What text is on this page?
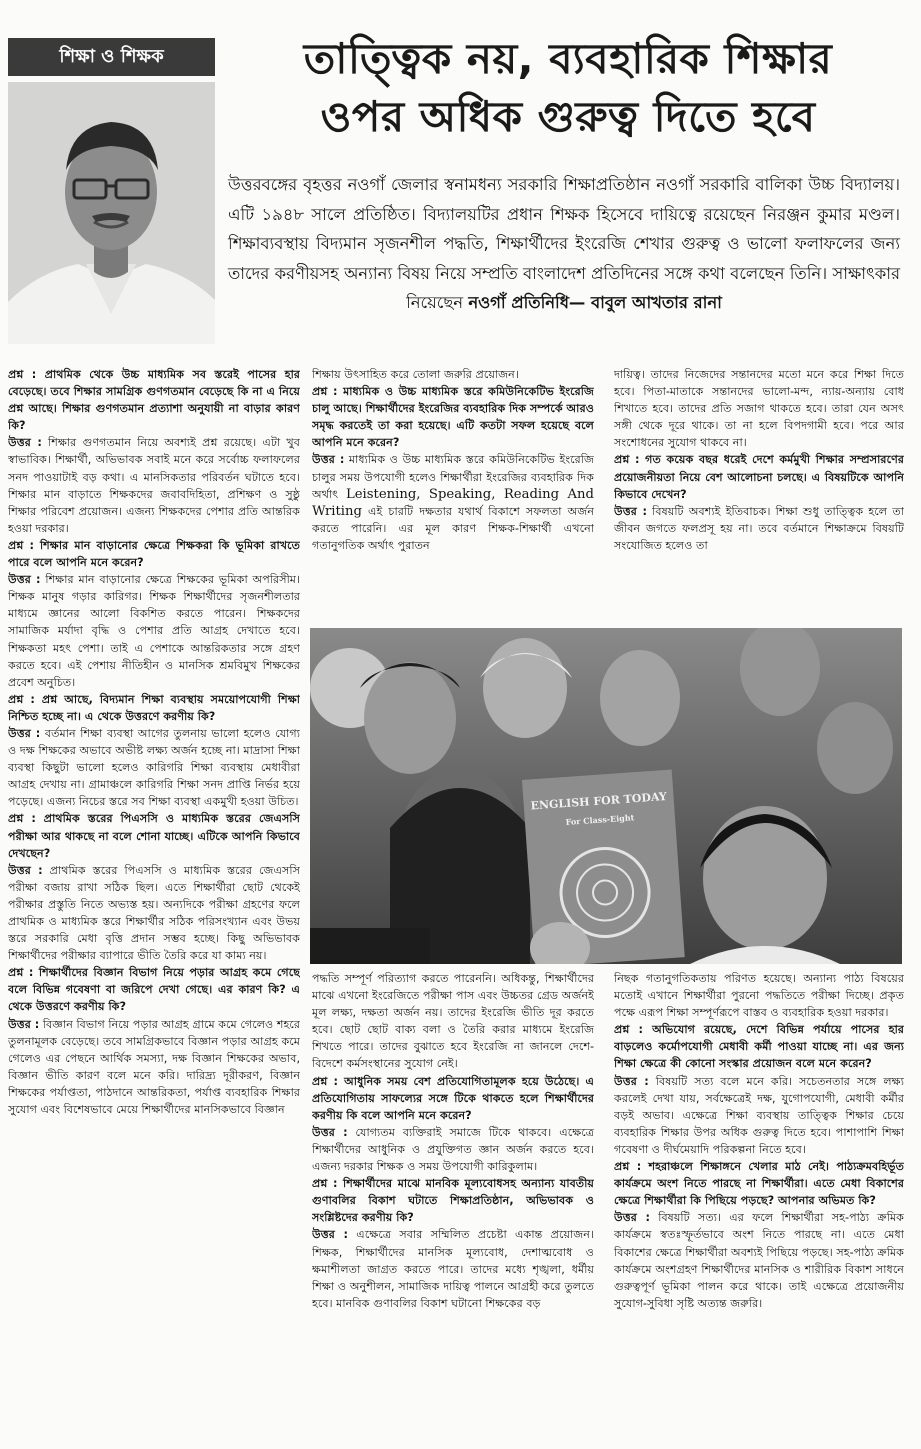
শিক্ষা ও শিক্ষক	তাত্ত্বিক নয়, ব্যবহারিক শিক্ষার
ওপর অধিক গুরুত্ব দিতে হবে

উত্তরবঙ্গের বৃহত্তর নওগাঁ জেলার স্বনামধন্য সরকারি শিক্ষাপ্রতিষ্ঠান নওগাঁ সরকারি বালিকা উচ্চ বিদ্যালয়। এটি ১৯৪৮ সালে প্রতিষ্ঠিত। বিদ্যালয়টির প্রধান শিক্ষক হিসেবে দায়িত্বে রয়েছেন নিরঞ্জন কুমার মণ্ডল। শিক্ষাব্যবস্থায় বিদ্যমান সৃজনশীল পদ্ধতি, শিক্ষার্থীদের ইংরেজি শেখার গুরুত্ব ও ভালো ফলাফলের জন্য তাদের করণীয়সহ অন্যান্য বিষয় নিয়ে সম্প্রতি বাংলাদেশ প্রতিদিনের সঙ্গে কথা বলেছেন তিনি। সাক্ষাৎকার নিয়েছেন নওগাঁ প্রতিনিধি— বাবুল আখতার রানা

প্রশ্ন : প্রাথমিক থেকে উচ্চ মাধ্যমিক সব স্তরেই পাসের হার বেড়েছে। তবে শিক্ষার সামগ্রিক গুণগতমান বেড়েছে কি না এ নিয়ে প্রশ্ন আছে। শিক্ষার গুণগতমান প্রত্যাশা অনুযায়ী না বাড়ার কারণ কি?

উত্তর : শিক্ষার গুণগতমান নিয়ে অবশ্যই প্রশ্ন রয়েছে। এটা খুব স্বাভাবিক। শিক্ষার্থী, অভিভাবক সবাই মনে করে সর্বোচ্চ ফলাফলের সনদ পাওয়াটাই বড় কথা। এ মানসিকতার পরিবর্তন ঘটাতে হবে। শিক্ষার মান বাড়াতে শিক্ষকদের জবাবদিহিতা, প্রশিক্ষণ ও সুষ্ঠু শিক্ষার পরিবেশ প্রয়োজন। এজন্য শিক্ষকদের পেশার প্রতি আন্তরিক হওয়া দরকার।

প্রশ্ন : শিক্ষার মান বাড়ানোর ক্ষেত্রে শিক্ষকরা কি ভূমিকা রাখতে পারে বলে আপনি মনে করেন?

উত্তর : শিক্ষার মান বাড়ানোর ক্ষেত্রে শিক্ষকের ভূমিকা অপরিসীম। শিক্ষক মানুষ গড়ার কারিগর। শিক্ষক শিক্ষার্থীদের সৃজনশীলতার মাধ্যমে জ্ঞানের আলো বিকশিত করতে পারেন। শিক্ষকদের সামাজিক মর্যাদা বৃদ্ধি ও পেশার প্রতি আগ্রহ দেখাতে হবে। শিক্ষকতা মহৎ পেশা। তাই এ পেশাকে আন্তরিকতার সঙ্গে গ্রহণ করতে হবে। এই পেশায় নীতিহীন ও মানসিক শ্রমবিমুখ শিক্ষকের প্রবেশ অনুচিত।

প্রশ্ন : প্রশ্ন আছে, বিদ্যমান শিক্ষা ব্যবস্থায় সময়োপযোগী শিক্ষা নিশ্চিত হচ্ছে না। এ থেকে উত্তরণে করণীয় কি?

উত্তর : বর্তমান শিক্ষা ব্যবস্থা আগের তুলনায় ভালো হলেও যোগ্য ও দক্ষ শিক্ষকের অভাবে অভীষ্ট লক্ষ্য অর্জন হচ্ছে না। মাদ্রাসা শিক্ষা ব্যবস্থা কিছুটা ভালো হলেও কারিগরি শিক্ষা ব্যবস্থায় মেধাবীরা আগ্রহ দেখায় না। গ্রামাঞ্চলে কারিগরি শিক্ষা সনদ প্রাপ্তি নির্ভর হয়ে পড়েছে। এজন্য নিচের স্তরে সব শিক্ষা ব্যবস্থা একমুখী হওয়া উচিত।

প্রশ্ন : প্রাথমিক স্তরের পিএসসি ও মাধ্যমিক স্তরের জেএসসি পরীক্ষা আর থাকছে না বলে শোনা যাচ্ছে। এটিকে আপনি কিভাবে দেখছেন?

উত্তর : প্রাথমিক স্তরের পিএসসি ও মাধ্যমিক স্তরের জেএসসি পরীক্ষা বজায় রাখা সঠিক ছিল। এতে শিক্ষার্থীরা ছোট থেকেই পরীক্ষার প্রস্তুতি নিতে অভ্যস্ত হয়। অন্যদিকে পরীক্ষা গ্রহণের ফলে প্রাথমিক ও মাধ্যমিক স্তরে শিক্ষার্থীর সঠিক পরিসংখ্যান এবং উভয় স্তরে সরকারি মেধা বৃত্তি প্রদান সম্ভব হচ্ছে। কিছু অভিভাবক শিক্ষার্থীদের পরীক্ষার ব্যাপারে ভীতি তৈরি করে যা কাম্য নয়।

প্রশ্ন : শিক্ষার্থীদের বিজ্ঞান বিভাগ নিয়ে পড়ার আগ্রহ কমে গেছে বলে বিভিন্ন গবেষণা বা জরিপে দেখা গেছে। এর কারণ কি? এ থেকে উত্তরণে করণীয় কি?

উত্তর : বিজ্ঞান বিভাগ নিয়ে পড়ার আগ্রহ গ্রামে কমে গেলেও শহরে তুলনামূলক বেড়েছে। তবে সামগ্রিকভাবে বিজ্ঞান পড়ার আগ্রহ কমে গেলেও এর পেছনে আর্থিক সমস্যা, দক্ষ বিজ্ঞান শিক্ষকের অভাব, বিজ্ঞান ভীতি কারণ বলে মনে করি। দারিদ্র্য দূরীকরণ, বিজ্ঞান শিক্ষকের পর্যাপ্ততা, পাঠদানে আন্তরিকতা, পর্যাপ্ত ব্যবহারিক শিক্ষার সুযোগ এবং বিশেষভাবে মেয়ে শিক্ষার্থীদের মানসিকভাবে বিজ্ঞান

শিক্ষায় উৎসাহিত করে তোলা জরুরি প্রয়োজন।

প্রশ্ন : মাধ্যমিক ও উচ্চ মাধ্যমিক স্তরে কমিউনিকেটিভ ইংরেজি চালু আছে। শিক্ষার্থীদের ইংরেজির ব্যবহারিক দিক সম্পর্কে আরও সমৃদ্ধ করতেই তা করা হয়েছে। এটি কতটা সফল হয়েছে বলে আপনি মনে করেন?

উত্তর : মাধ্যমিক ও উচ্চ মাধ্যমিক স্তরে কমিউনিকেটিভ ইংরেজি চালুর সময় উপযোগী হলেও শিক্ষার্থীরা ইংরেজির ব্যবহারিক দিক অর্থাৎ Leistening, Speaking, Reading And Writing এই চারটি দক্ষতার যথার্থ বিকাশে সফলতা অর্জন করতে পারেনি। এর মূল কারণ শিক্ষক-শিক্ষার্থী এখনো গতানুগতিক অর্থাৎ পুরাতন

দায়িত্ব। তাদের নিজেদের সন্তানদের মতো মনে করে শিক্ষা দিতে হবে। পিতা-মাতাকে সন্তানদের ভালো-মন্দ, ন্যায়-অন্যায় বোধ শিখাতে হবে। তাদের প্রতি সজাগ থাকতে হবে। তারা যেন অসৎ সঙ্গী থেকে দূরে থাকে। তা না হলে বিপদগামী হবে। পরে আর সংশোধনের সুযোগ থাকবে না।

প্রশ্ন : গত কয়েক বছর ধরেই দেশে কর্মমুখী শিক্ষার সম্প্রসারণের প্রয়োজনীয়তা নিয়ে বেশ আলোচনা চলছে। এ বিষয়টিকে আপনি কিভাবে দেখেন?

উত্তর : বিষয়টি অবশ্যই ইতিবাচক। শিক্ষা শুধু তাত্ত্বিক হলে তা জীবন জগতে ফলপ্রসূ হয় না। তবে বর্তমানে শিক্ষাক্রমে বিষয়টি সংযোজিত হলেও তা

ENGLISH FOR TODAY
For Class-Eight

পদ্ধতি সম্পূর্ণ পরিত্যাগ করতে পারেননি। অধিকন্তু, শিক্ষার্থীদের মাঝে এখনো ইংরেজিতে পরীক্ষা পাস এবং উচ্চতর গ্রেড অর্জনই মূল লক্ষ্য, দক্ষতা অর্জন নয়। তাদের ইংরেজি ভীতি দূর করতে হবে। ছোট ছোট বাক্য বলা ও তৈরি করার মাধ্যমে ইংরেজি শিখতে পারে। তাদের বুঝাতে হবে ইংরেজি না জানলে দেশে-বিদেশে কর্মসংস্থানের সুযোগ নেই।

প্রশ্ন : আধুনিক সময় বেশ প্রতিযোগিতামূলক হয়ে উঠেছে। এ প্রতিযোগিতায় সাফল্যের সঙ্গে টিকে থাকতে হলে শিক্ষার্থীদের করণীয় কি বলে আপনি মনে করেন?

উত্তর : যোগ্যতম ব্যক্তিরাই সমাজে টিকে থাকবে। এক্ষেত্রে শিক্ষার্থীদের আধুনিক ও প্রযুক্তিগত জ্ঞান অর্জন করতে হবে। এজন্য দরকার শিক্ষক ও সময় উপযোগী কারিকুলাম।

প্রশ্ন : শিক্ষার্থীদের মাঝে মানবিক মূল্যবোধসহ অন্যান্য যাবতীয় গুণাবলির বিকাশ ঘটাতে শিক্ষাপ্রতিষ্ঠান, অভিভাবক ও সংশ্লিষ্টদের করণীয় কি?

উত্তর : এক্ষেত্রে সবার সম্মিলিত প্রচেষ্টা একান্ত প্রয়োজন। শিক্ষক, শিক্ষার্থীদের মানসিক মূল্যবোধ, দেশাত্মবোধ ও ক্ষমাশীলতা জাগ্রত করতে পারে। তাদের মধ্যে শৃঙ্খলা, ধর্মীয় শিক্ষা ও অনুশীলন, সামাজিক দায়িত্ব পালনে আগ্রহী করে তুলতে হবে। মানবিক গুণাবলির বিকাশ ঘটানো শিক্ষকের বড়

নিছক গতানুগতিকতায় পরিণত হয়েছে। অন্যান্য পাঠ্য বিষয়ের মতোই এখানে শিক্ষার্থীরা পুরনো পদ্ধতিতে পরীক্ষা দিচ্ছে। প্রকৃত পক্ষে এরূপ শিক্ষা সম্পূর্ণরূপে বাস্তব ও ব্যবহারিক হওয়া দরকার।

প্রশ্ন : অভিযোগ রয়েছে, দেশে বিভিন্ন পর্যায়ে পাসের হার বাড়লেও কর্মোপযোগী মেধাবী কর্মী পাওয়া যাচ্ছে না। এর জন্য শিক্ষা ক্ষেত্রে কী কোনো সংস্কার প্রয়োজন বলে মনে করেন?

উত্তর : বিষয়টি সত্য বলে মনে করি। সচেতনতার সঙ্গে লক্ষ্য করলেই দেখা যায়, সর্বক্ষেত্রেই দক্ষ, যুগোপযোগী, মেধাবী কর্মীর বড়ই অভাব। এক্ষেত্রে শিক্ষা ব্যবস্থায় তাত্ত্বিক শিক্ষার চেয়ে ব্যবহারিক শিক্ষার উপর অধিক গুরুত্ব দিতে হবে। পাশাপাশি শিক্ষা গবেষণা ও দীর্ঘমেয়াদি পরিকল্পনা নিতে হবে।

প্রশ্ন : শহরাঞ্চলে শিক্ষাঙ্গনে খেলার মাঠ নেই। পাঠ্যক্রমবহির্ভূত কার্যক্রমে অংশ নিতে পারছে না শিক্ষার্থীরা। এতে মেধা বিকাশের ক্ষেত্রে শিক্ষার্থীরা কি পিছিয়ে পড়ছে? আপনার অভিমত কি?

উত্তর : বিষয়টি সত্য। এর ফলে শিক্ষার্থীরা সহ-পাঠ্য ক্রমিক কার্যক্রমে স্বতঃস্ফূর্তভাবে অংশ নিতে পারছে না। এতে মেধা বিকাশের ক্ষেত্রে শিক্ষার্থীরা অবশ্যই পিছিয়ে পড়ছে। সহ-পাঠ্য ক্রমিক কার্যক্রমে অংশগ্রহণ শিক্ষার্থীদের মানসিক ও শারীরিক বিকাশ সাধনে গুরুত্বপূর্ণ ভূমিকা পালন করে থাকে। তাই এক্ষেত্রে প্রয়োজনীয় সুযোগ-সুবিধা সৃষ্টি অত্যন্ত জরুরি।
